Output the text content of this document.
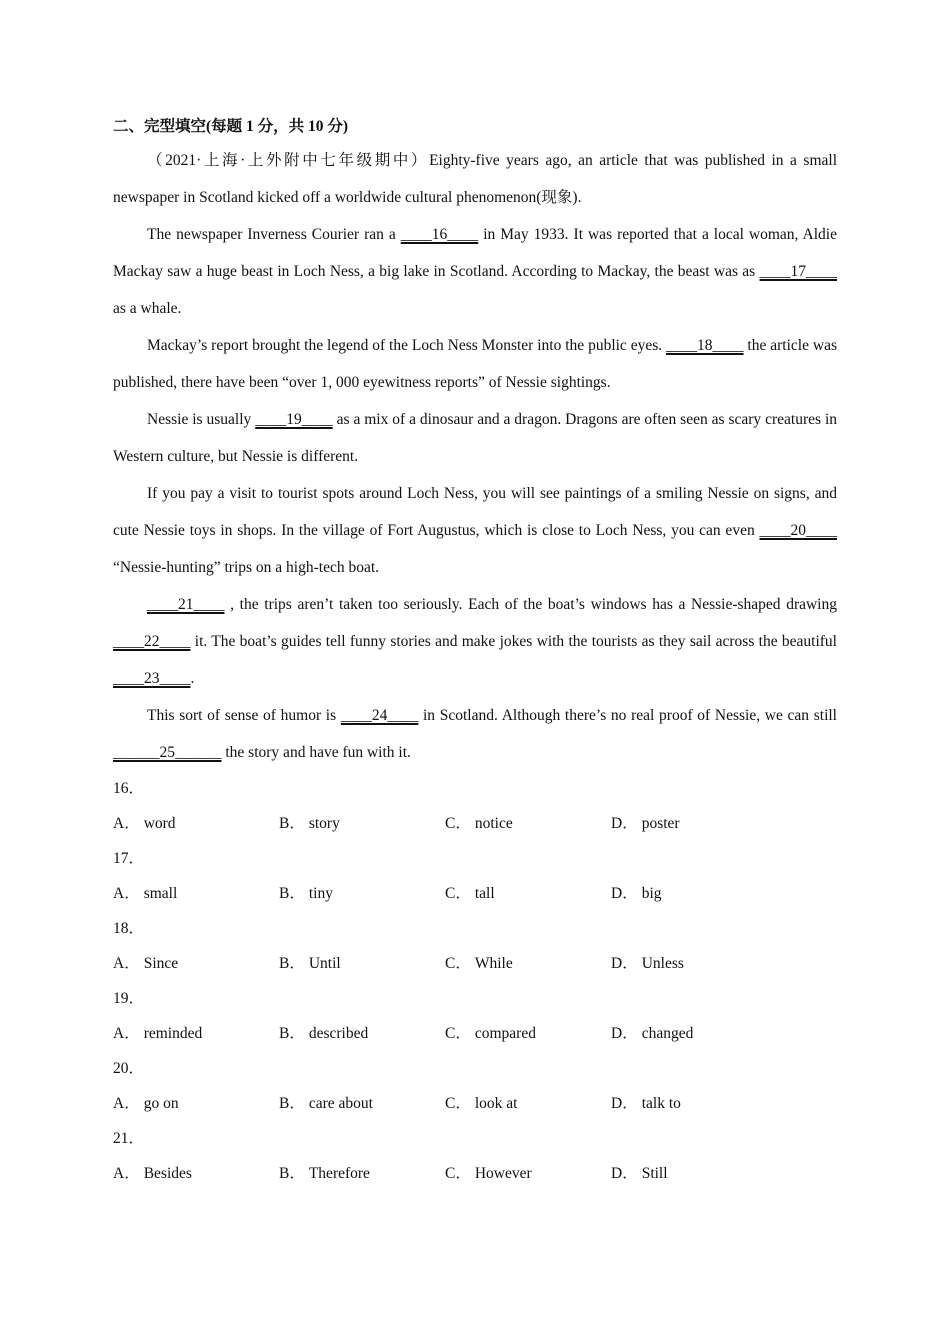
二、完型填空(每题 1 分，共 10 分)

（2021·上海·上外附中七年级期中）Eighty-five years ago, an article that was published in a small newspaper in Scotland kicked off a worldwide cultural phenomenon(现象).

The newspaper Inverness Courier ran a ____16____ in May 1933. It was reported that a local woman, Aldie Mackay saw a huge beast in Loch Ness, a big lake in Scotland. According to Mackay, the beast was as ____17____ as a whale.

Mackay’s report brought the legend of the Loch Ness Monster into the public eyes. ____18____ the article was published, there have been “over 1, 000 eyewitness reports” of Nessie sightings.

Nessie is usually ____19____ as a mix of a dinosaur and a dragon. Dragons are often seen as scary creatures in Western culture, but Nessie is different.

If you pay a visit to tourist spots around Loch Ness, you will see paintings of a smiling Nessie on signs, and cute Nessie toys in shops. In the village of Fort Augustus, which is close to Loch Ness, you can even ____20____ “Nessie-hunting” trips on a high-tech boat.

____21____ , the trips aren’t taken too seriously. Each of the boat’s windows has a Nessie-shaped drawing ____22____ it. The boat’s guides tell funny stories and make jokes with the tourists as they sail across the beautiful ____23____.

This sort of sense of humor is ____24____ in Scotland. Although there’s no real proof of Nessie, we can still ______25______ the story and have fun with it.

16．
A． word	B． story	C． notice	D． poster
17．
A． small	B． tiny	C． tall	D． big
18．
A． Since	B． Until	C． While	D． Unless
19．
A． reminded	B． described	C． compared	D． changed
20．
A． go on	B． care about	C． look at	D． talk to
21．
A． Besides	B． Therefore	C． However	D． Still
